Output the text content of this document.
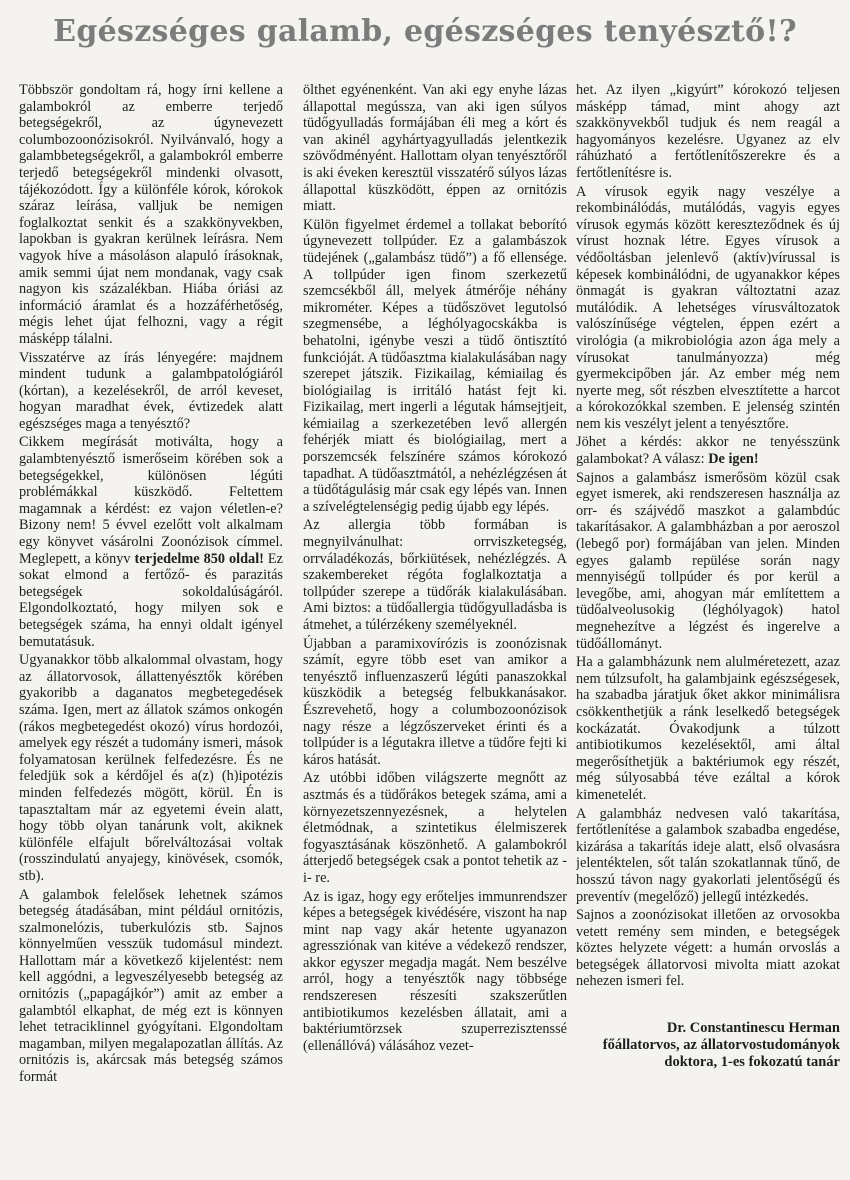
Egészséges galamb, egészséges tenyésztő!?

Többször gondoltam rá, hogy írni kellene a galambokról az emberre terjedő betegségekről, az úgynevezett columbozoonózisokról. Nyilvánvaló, hogy a galambbetegségekről, a galambokról emberre terjedő betegségekről mindenki olvasott, tájékozódott. Így a különféle kórok, kórokok száraz leírása, valljuk be nemigen foglalkoztat senkit és a szakkönyvekben, lapokban is gyakran kerülnek leírásra. Nem vagyok híve a másoláson alapuló írásoknak, amik semmi újat nem mondanak, vagy csak nagyon kis százalékban. Hiába óriási az információ áramlat és a hozzáférhetőség, mégis lehet újat felhozni, vagy a régit másképp tálalni.

Visszatérve az írás lényegére: majdnem mindent tudunk a galambpatológiáról (kórtan), a kezelésekről, de arról keveset, hogyan maradhat évek, évtizedek alatt egészséges maga a tenyésztő?

Cikkem megírását motiválta, hogy a galambtenyésztő ismerőseim körében sok a betegségekkel, különösen légúti problémákkal küszködő. Feltettem magamnak a kérdést: ez vajon véletlen-e? Bizony nem! 5 évvel ezelőtt volt alkalmam egy könyvet vásárolni Zoonózisok címmel. Meglepett, a könyv terjedelme 850 oldal! Ez sokat elmond a fertőző- és parazitás betegségek sokoldalúságáról. Elgondolkoztató, hogy milyen sok e betegségek száma, ha ennyi oldalt igényel bemutatásuk.

Ugyanakkor több alkalommal olvastam, hogy az állatorvosok, állattenyésztők körében gyakoribb a daganatos megbetegedések száma. Igen, mert az állatok számos onkogén (rákos megbetegedést okozó) vírus hordozói, amelyek egy részét a tudomány ismeri, mások folyamatosan kerülnek felfedezésre. És ne feledjük sok a kérdőjel és a(z) (h)ipotézis minden felfedezés mögött, körül. Én is tapasztaltam már az egyetemi évein alatt, hogy több olyan tanárunk volt, akiknek különféle elfajult bőrelváltozásai voltak (rosszindulatú anyajegy, kinövések, csomók, stb).

A galambok felelősek lehetnek számos betegség átadásában, mint például ornitózis, szalmonelózis, tuberkulózis stb. Sajnos könnyelműen vesszük tudomásul mindezt. Hallottam már a következő kijelentést: nem kell aggódni, a legveszélyesebb betegség az ornitózis („papagájkór”) amit az ember a galambtól elkaphat, de még ezt is könnyen lehet tetraciklinnel gyógyítani. Elgondoltam magamban, milyen megalapozatlan állítás. Az ornitózis is, akárcsak más betegség számos formát

ölthet egyénenként. Van aki egy enyhe lázas állapottal megússza, van aki igen súlyos tüdőgyulladás formájában éli meg a kórt és van akinél agyhártyagyulladás jelentkezik szövődményént. Hallottam olyan tenyésztőről is aki éveken keresztül visszatérő súlyos lázas állapottal küszködött, éppen az ornitózis miatt.

Külön figyelmet érdemel a tollakat beborító úgynevezett tollpúder. Ez a galambászok tüdejének („galambász tüdő”) a fő ellensége. A tollpúder igen finom szerkezetű szemcsékből áll, melyek átmérője néhány mikrométer. Képes a tüdőszövet legutolsó szegmensébe, a léghólyagocskákba is behatolni, igénybe veszi a tüdő öntisztító funkcióját. A tüdőasztma kialakulásában nagy szerepet játszik. Fizikailag, kémiailag és biológiailag is irritáló hatást fejt ki. Fizikailag, mert ingerli a légutak hámsejtjeit, kémiailag a szerkezetében levő allergén fehérjék miatt és biológiailag, mert a porszemcsék felszínére számos kórokozó tapadhat. A tüdőasztmától, a nehézlégzésen át a tüdőtágulásig már csak egy lépés van. Innen a szívelégtelenségig pedig újabb egy lépés.

Az allergia több formában is megnyilvánulhat: orrviszketegség, orrváladékozás, bőrkiütések, nehézlégzés. A szakembereket régóta foglalkoztatja a tollpúder szerepe a tüdőrák kialakulásában. Ami biztos: a tüdőallergia tüdőgyulladásba is átmehet, a túlérzékeny személyeknél.

Újabban a paramixovírózis is zoonózisnak számít, egyre több eset van amikor a tenyésztő influenzaszerű légúti panaszokkal küszködik a betegség felbukkanásakor. Észrevehető, hogy a columbozoonózisok nagy része a légzőszerveket érinti és a tollpúder is a légutakra illetve a tüdőre fejti ki káros hatását.

Az utóbbi időben világszerte megnőtt az asztmás és a tüdőrákos betegek száma, ami a környezetszennyezésnek, a helytelen életmódnak, a szintetikus élelmiszerek fogyasztásának köszönhető. A galambokról átterjedő betegségek csak a pontot tehetik az -i- re.

Az is igaz, hogy egy erőteljes immunrendszer képes a betegségek kivédésére, viszont ha nap mint nap vagy akár hetente ugyanazon agressziónak van kitéve a védekező rendszer, akkor egyszer megadja magát. Nem beszélve arról, hogy a tenyésztők nagy többsége rendszeresen részesíti szakszerűtlen antibiotikumos kezelésben állatait, ami a baktériumtörzsek szuperrezisztenssé (ellenállóvá) válásához vezet-

het. Az ilyen „kigyúrt” kórokozó teljesen másképp támad, mint ahogy azt szakkönyvekből tudjuk és nem reagál a hagyományos kezelésre. Ugyanez az elv ráhúzható a fertőtlenítőszerekre és a fertőtlenítésre is.

A vírusok egyik nagy veszélye a rekombinálódás, mutálódás, vagyis egyes vírusok egymás között kereszteződnek és új vírust hoznak létre. Egyes vírusok a védőoltásban jelenlevő (aktív)vírussal is képesek kombinálódni, de ugyanakkor képes önmagát is gyakran változtatni azaz mutálódik. A lehetséges vírusváltozatok valószínűsége végtelen, éppen ezért a virológia (a mikrobiológia azon ága mely a vírusokat tanulmányozza) még gyermekcipőben jár. Az ember még nem nyerte meg, sőt részben elvesztítette a harcot a kórokozókkal szemben. E jelenség szintén nem kis veszélyt jelent a tenyésztőre.

Jöhet a kérdés: akkor ne tenyésszünk galambokat? A válasz: De igen!

Sajnos a galambász ismerősöm közül csak egyet ismerek, aki rendszeresen használja az orr- és szájvédő maszkot a galambdúc takarításakor. A galambházban a por aeroszol (lebegő por) formájában van jelen. Minden egyes galamb repülése során nagy mennyiségű tollpúder és por kerül a levegőbe, ami, ahogyan már említettem a tüdőalveolusokig (léghólyagok) hatol megnehezítve a légzést és ingerelve a tüdőállományt.

Ha a galambházunk nem alulméretezett, azaz nem túlzsufolt, ha galambjaink egészségesek, ha szabadba járatjuk őket akkor minimálisra csökkenthetjük a ránk leselkedő betegségek kockázatát. Óvakodjunk a túlzott antibiotikumos kezelésektől, ami által megerősíthetjük a baktériumok egy részét, még súlyosabbá téve ezáltal a kórok kimenetelét.

A galambház nedvesen való takarítása, fertőtlenítése a galambok szabadba engedése, kizárása a takarítás ideje alatt, első olvasásra jelentéktelen, sőt talán szokatlannak tűnő, de hosszú távon nagy gyakorlati jelentőségű és preventív (megelőző) jellegű intézkedés.

Sajnos a zoonózisokat illetően az orvosokba vetett remény sem minden, e betegségek köztes helyzete végett: a humán orvoslás a betegségek állatorvosi mivolta miatt azokat nehezen ismeri fel.

Dr. Constantinescu Herman
főállatorvos, az állatorvostudományok
doktora, 1-es fokozatú tanár
